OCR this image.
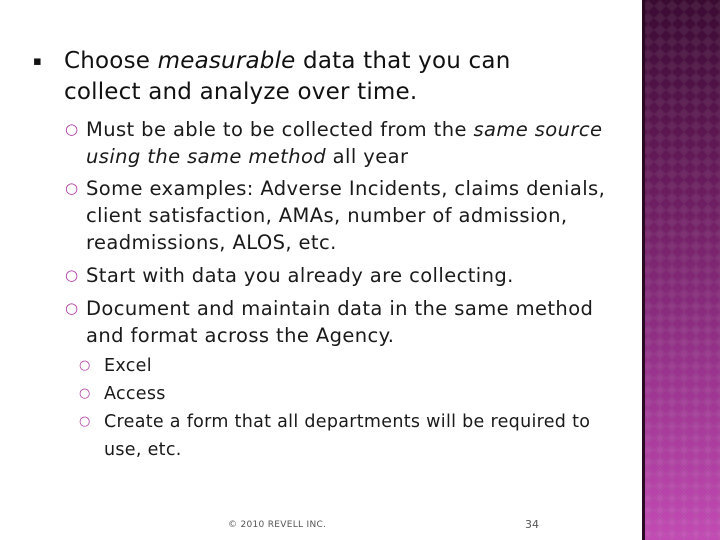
▪ Choose measurable data that you can collect and analyze over time.
○ Must be able to be collected from the same source using the same method all year
○ Some examples: Adverse Incidents, claims denials, client satisfaction, AMAs, number of admission, readmissions, ALOS, etc.
○ Start with data you already are collecting.
○ Document and maintain data in the same method and format across the Agency.
○ Excel
○ Access
○ Create a form that all departments will be required to use, etc.
© 2010 REVELL INC.	34
